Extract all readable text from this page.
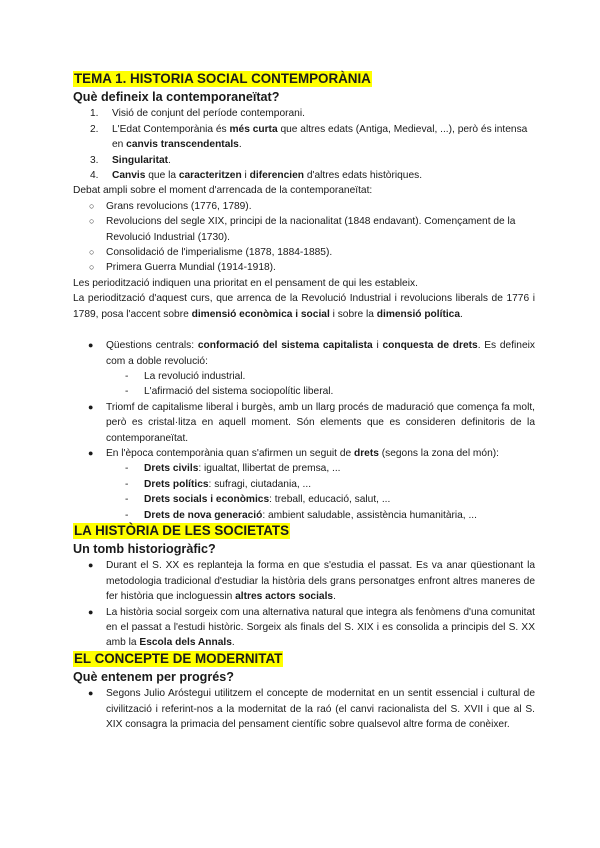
TEMA 1. HISTORIA SOCIAL CONTEMPORÀNIA
Què defineix la contemporaneïtat?
1. Visió de conjunt del període contemporani.
2. L'Edat Contemporània és més curta que altres edats (Antiga, Medieval, ...), però és intensa en canvis transcendentals.
3. Singularitat.
4. Canvis que la caracteritzen i diferencien d'altres edats històriques.

Debat ampli sobre el moment d'arrencada de la contemporaneïtat:

○ Grans revolucions (1776, 1789).
○ Revolucions del segle XIX, principi de la nacionalitat (1848 endavant). Començament de la Revolució Industrial (1730).
○ Consolidació de l'imperialisme (1878, 1884-1885).
○ Primera Guerra Mundial (1914-1918).

Les periodització indiquen una prioritat en el pensament de qui les estableix.

La periodització d'aquest curs, que arrenca de la Revolució Industrial i revolucions liberals de 1776 i 1789, posa l'accent sobre dimensió econòmica i social i sobre la dimensió política.

● Qüestions centrals: conformació del sistema capitalista i conquesta de drets. Es defineix com a doble revolució:
- La revolució industrial.
- L'afirmació del sistema sociopolític liberal.
● Triomf de capitalisme liberal i burgès, amb un llarg procés de maduració que comença fa molt, però es cristal·litza en aquell moment. Són elements que es consideren definitoris de la contemporaneïtat.
● En l'època contemporània quan s'afirmen un seguit de drets (segons la zona del món):
- Drets civils: igualtat, llibertat de premsa, ...
- Drets polítics: sufragi, ciutadania, ...
- Drets socials i econòmics: treball, educació, salut, ...
- Drets de nova generació: ambient saludable, assistència humanitària, ...
LA HISTÒRIA DE LES SOCIETATS
Un tomb historiogràfic?
● Durant el S. XX es replanteja la forma en que s'estudia el passat. Es va anar qüestionant la metodologia tradicional d'estudiar la història dels grans personatges enfront altres maneres de fer història que incloguessin altres actors socials.
● La història social sorgeix com una alternativa natural que integra als fenòmens d'una comunitat en el passat a l'estudi històric. Sorgeix als finals del S. XIX i es consolida a principis del S. XX amb la Escola dels Annals.
EL CONCEPTE DE MODERNITAT
Què entenem per progrés?
● Segons Julio Aróstegui utilitzem el concepte de modernitat en un sentit essencial i cultural de civilització i referint-nos a la modernitat de la raó (el canvi racionalista del S. XVII i que al S. XIX consagra la primacia del pensament científic sobre qualsevol altre forma de conèixer.
